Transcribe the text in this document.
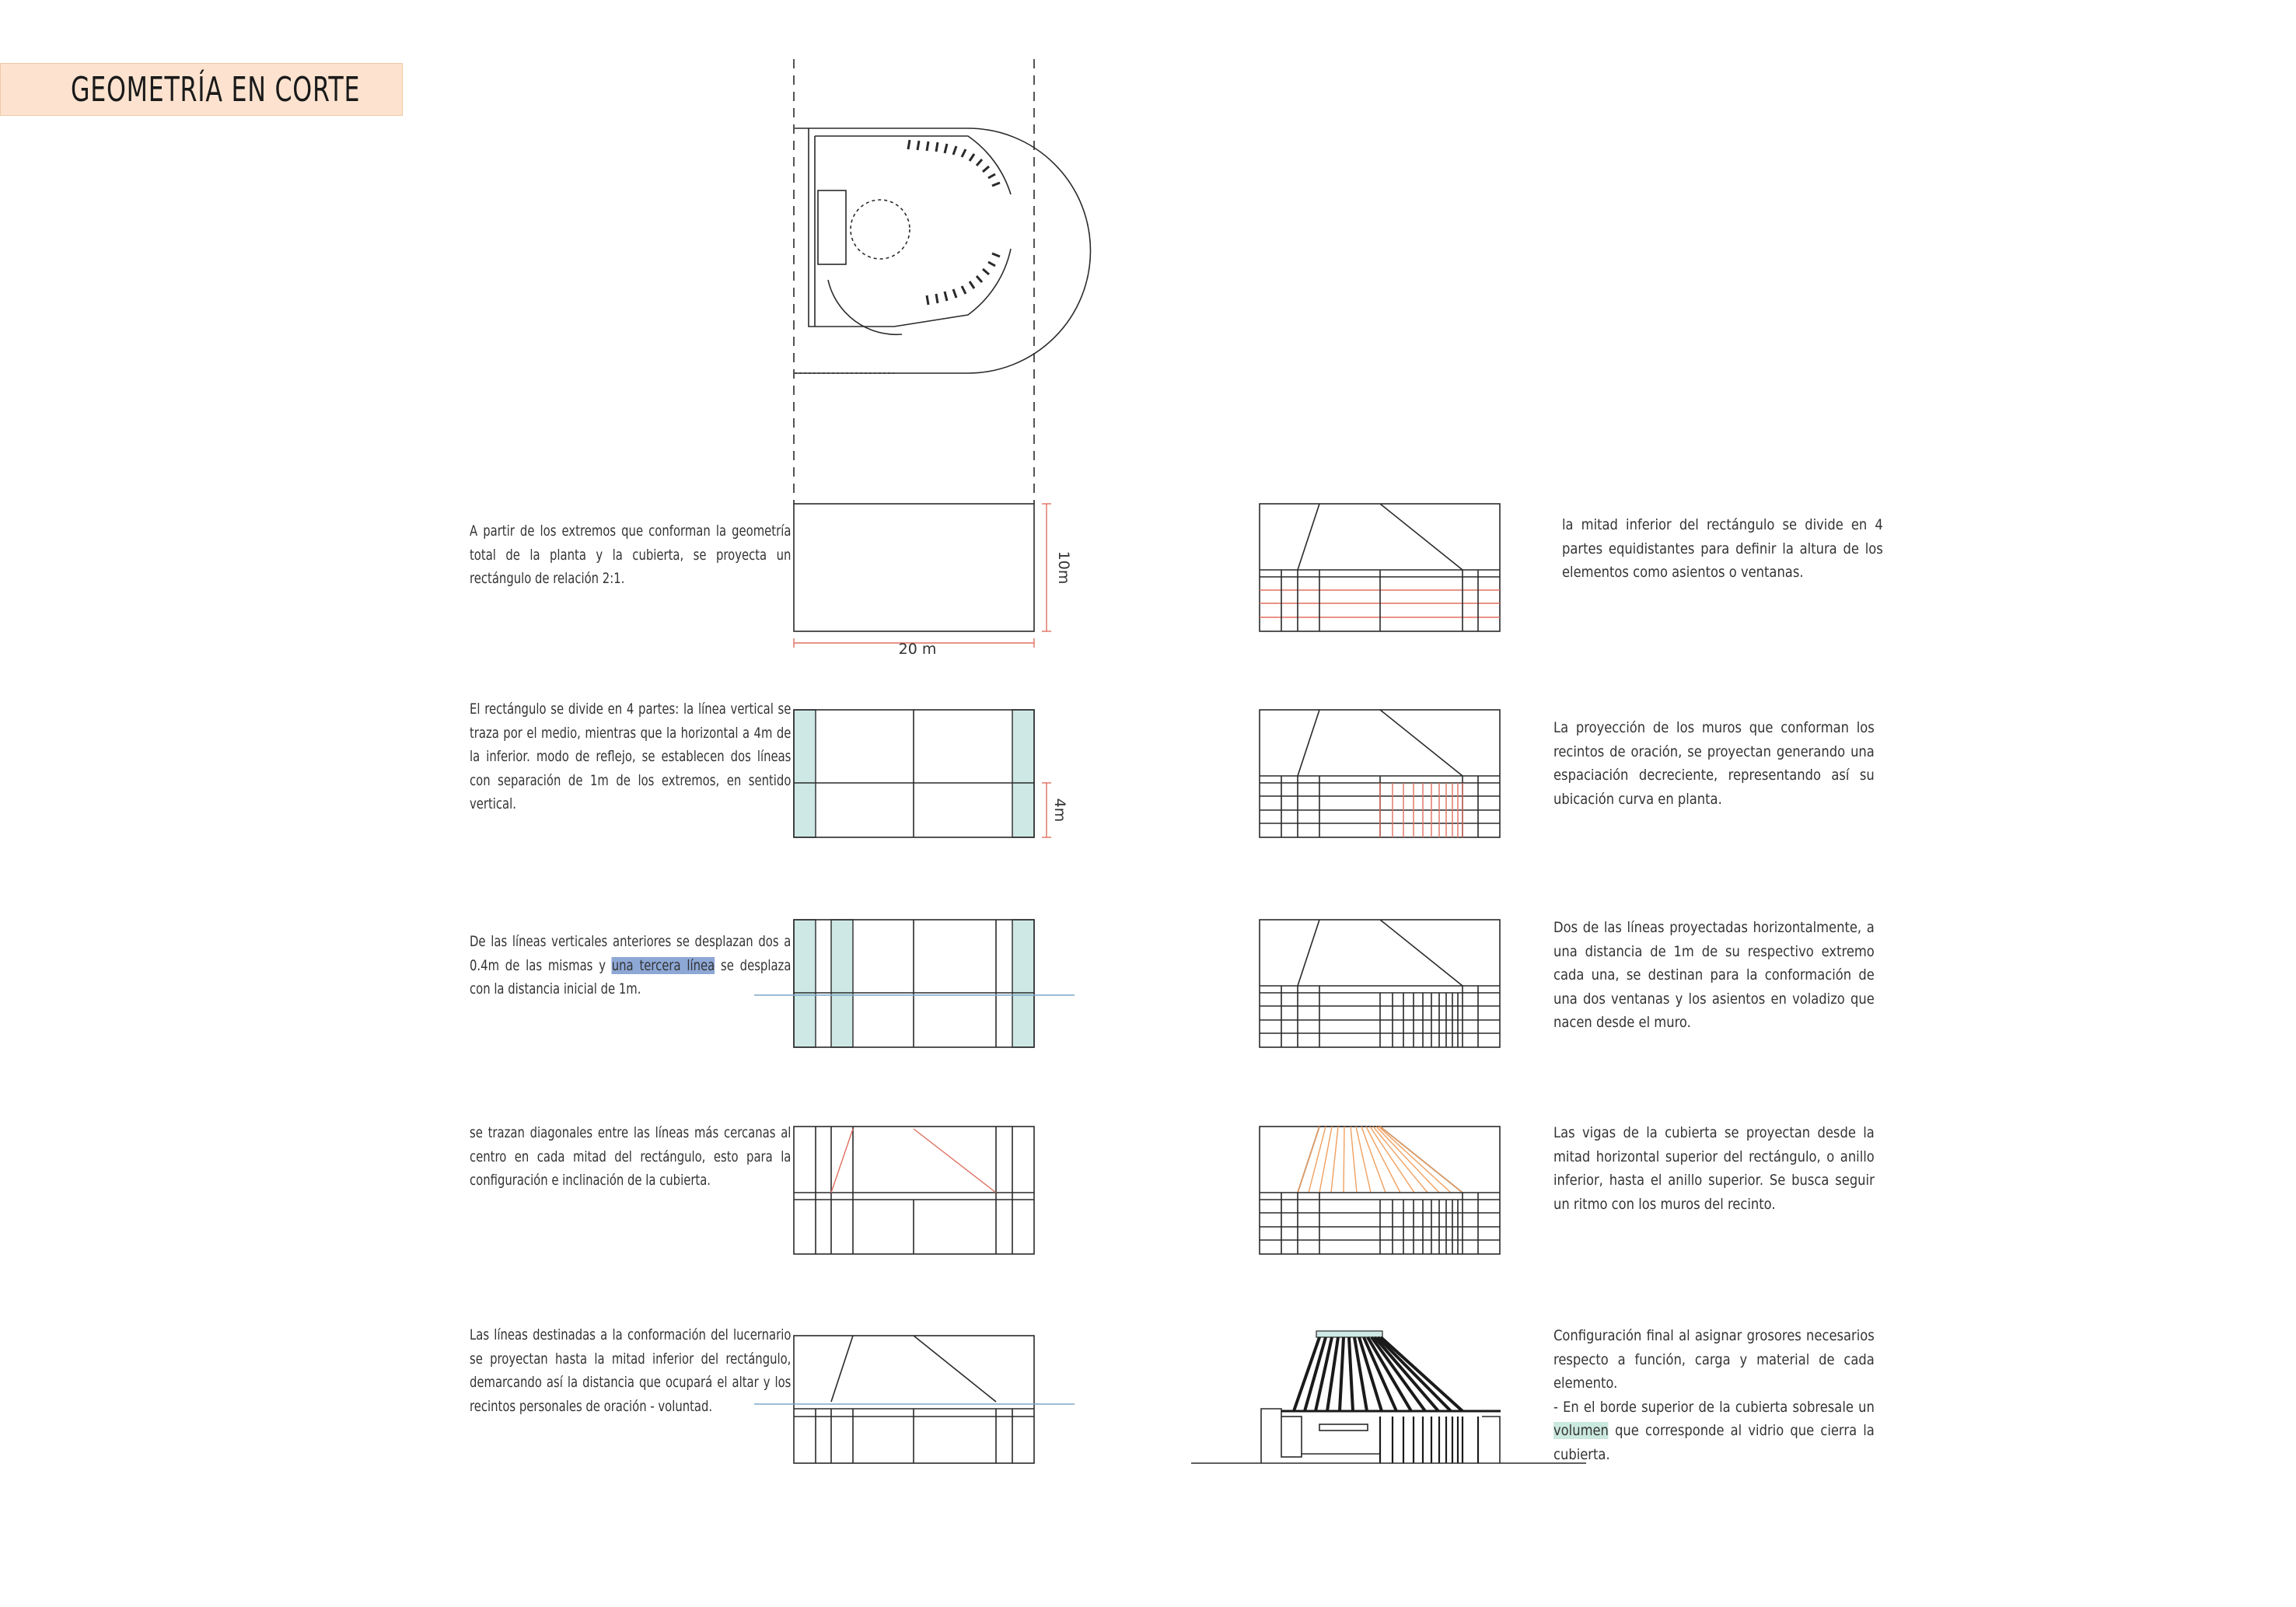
GEOMETRÍA EN CORTE
A partir de los extremos que conforman la geometría total de la planta y la cubierta, se proyecta un rectángulo de relación 2:1.
El rectángulo se divide en 4 partes: la línea vertical se traza por el medio, mientras que la horizontal a 4m de la inferior. modo de reflejo, se establecen dos líneas con separación de 1m de los extremos, en sentido vertical.
De las líneas verticales anteriores se desplazan dos a 0.4m de las mismas y una tercera línea se desplaza con la distancia inicial de 1m.
se trazan diagonales entre las líneas más cercanas al centro en cada mitad del rectángulo, esto para la configuración e inclinación de la cubierta.
Las líneas destinadas a la conformación del lucernario se proyectan hasta la mitad inferior del rectángulo, demarcando así la distancia que ocupará el altar y los recintos personales de oración - voluntad.
la mitad inferior del rectángulo se divide en 4 partes equidistantes para definir la altura de los elementos como asientos o ventanas.
La proyección de los muros que conforman los recintos de oración, se proyectan generando una espaciación decreciente, representando así su ubicación curva en planta.
Dos de las líneas proyectadas horizontalmente, a una distancia de 1m de su respectivo extremo cada una, se destinan para la conformación de una dos ventanas y los asientos en voladizo que nacen desde el muro.
Las vigas de la cubierta se proyectan desde la mitad horizontal superior del rectángulo, o anillo inferior, hasta el anillo superior. Se busca seguir un ritmo con los muros del recinto.
Configuración final al asignar grosores necesarios respecto a función, carga y material de cada elemento.
- En el borde superior de la cubierta sobresale un volumen que corresponde al vidrio que cierra la cubierta.
10m
20 m
4m
